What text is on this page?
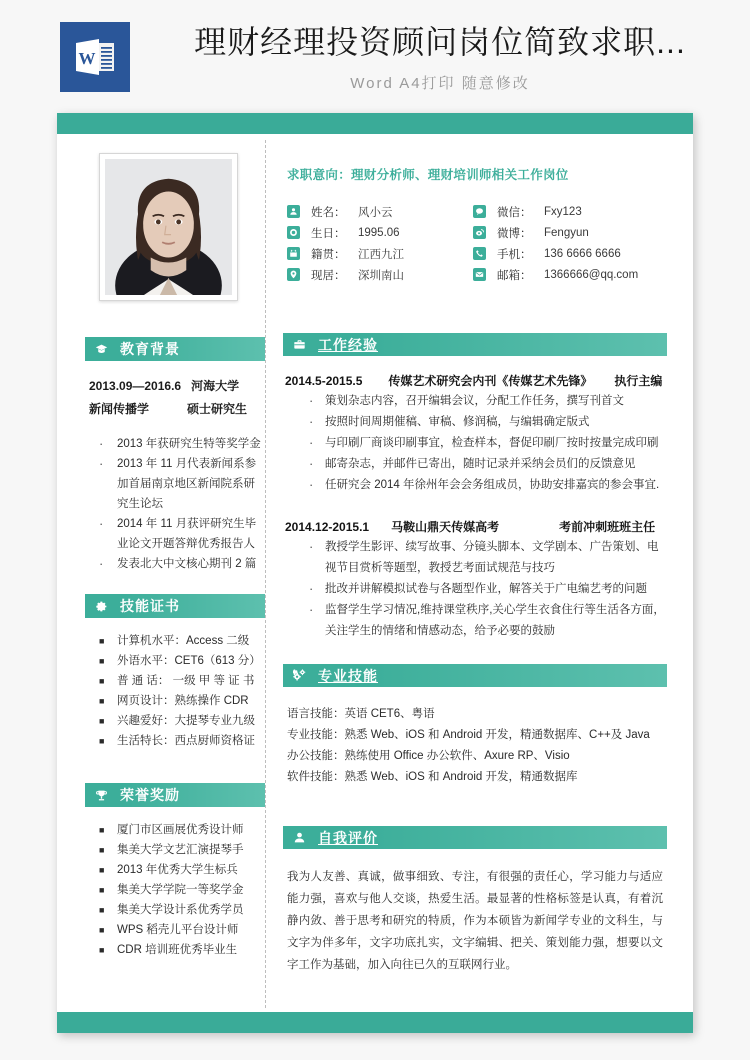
W	理财经理投资顾问岗位简致求职...
Word A4打印 随意修改
教育背景
2013.09—2016.6 河海大学
新闻传播学	硕士研究生
· 2013 年获研究生特等奖学金
· 2013 年 11 月代表新闻系参加首届南京地区新闻院系研究生论坛
· 2014 年 11 月获评研究生毕业论文开题答辩优秀报告人
· 发表北大中文核心期刊 2 篇
技能证书
■ 计算机水平：Access 二级
■ 外语水平：CET6（613 分）
■ 普 通 话： 一级 甲 等 证 书
■ 网页设计：熟练操作 CDR
■ 兴趣爱好：大提琴专业九级
■ 生活特长：西点厨师资格证
荣誉奖励
■ 厦门市区画展优秀设计师
■ 集美大学文艺汇演提琴手
■ 2013 年优秀大学生标兵
■ 集美大学学院一等奖学金
■ 集美大学设计系优秀学员
■ WPS 稻壳儿平台设计师
■ CDR 培训班优秀毕业生
求职意向：理财分析师、理财培训师相关工作岗位
姓名：	风小云	微信：	Fxy123
生日：	1995.06	微博：	Fengyun
籍贯：	江西九江	手机：	136 6666 6666
现居：	深圳南山	邮箱：	1366666@qq.com
工作经验
2014.5-2015.5 传媒艺术研究会内刊《传媒艺术先锋》 执行主编
· 策划杂志内容，召开编辑会议，分配工作任务，撰写刊首文
· 按照时间周期催稿、审稿、修润稿，与编辑确定版式
· 与印刷厂商谈印刷事宜，检查样本，督促印刷厂按时按量完成印刷
· 邮寄杂志，并邮件已寄出，随时记录并采纳会员们的反馈意见
· 任研究会 2014 年徐州年会会务组成员，协助安排嘉宾的参会事宜.
2014.12-2015.1 马鞍山鼎天传媒高考	考前冲刺班班主任
· 教授学生影评、续写故事、分镜头脚本、文学剧本、广告策划、电视节目赏析等题型，教授艺考面试规范与技巧
· 批改并讲解模拟试卷与各题型作业，解答关于广电编艺考的问题
· 监督学生学习情况,维持课堂秩序,关心学生衣食住行等生活各方面，关注学生的情绪和情感动态，给予必要的鼓励
专业技能
语言技能：英语 CET6、粤语
专业技能：熟悉 Web、iOS 和 Android 开发，精通数据库、C++及 Java
办公技能：熟练使用 Office 办公软件、Axure RP、Visio
软件技能：熟悉 Web、iOS 和 Android 开发，精通数据库
自我评价
我为人友善、真诚，做事细致、专注，有很强的责任心，学习能力与适应能力强，喜欢与他人交谈，热爱生活。最显著的性格标签是认真，有着沉静内敛、善于思考和研究的特质，作为本硕皆为新闻学专业的文科生，与文字为伴多年，文字功底扎实，文字编辑、把关、策划能力强，想要以文字工作为基础，加入向往已久的互联网行业。
